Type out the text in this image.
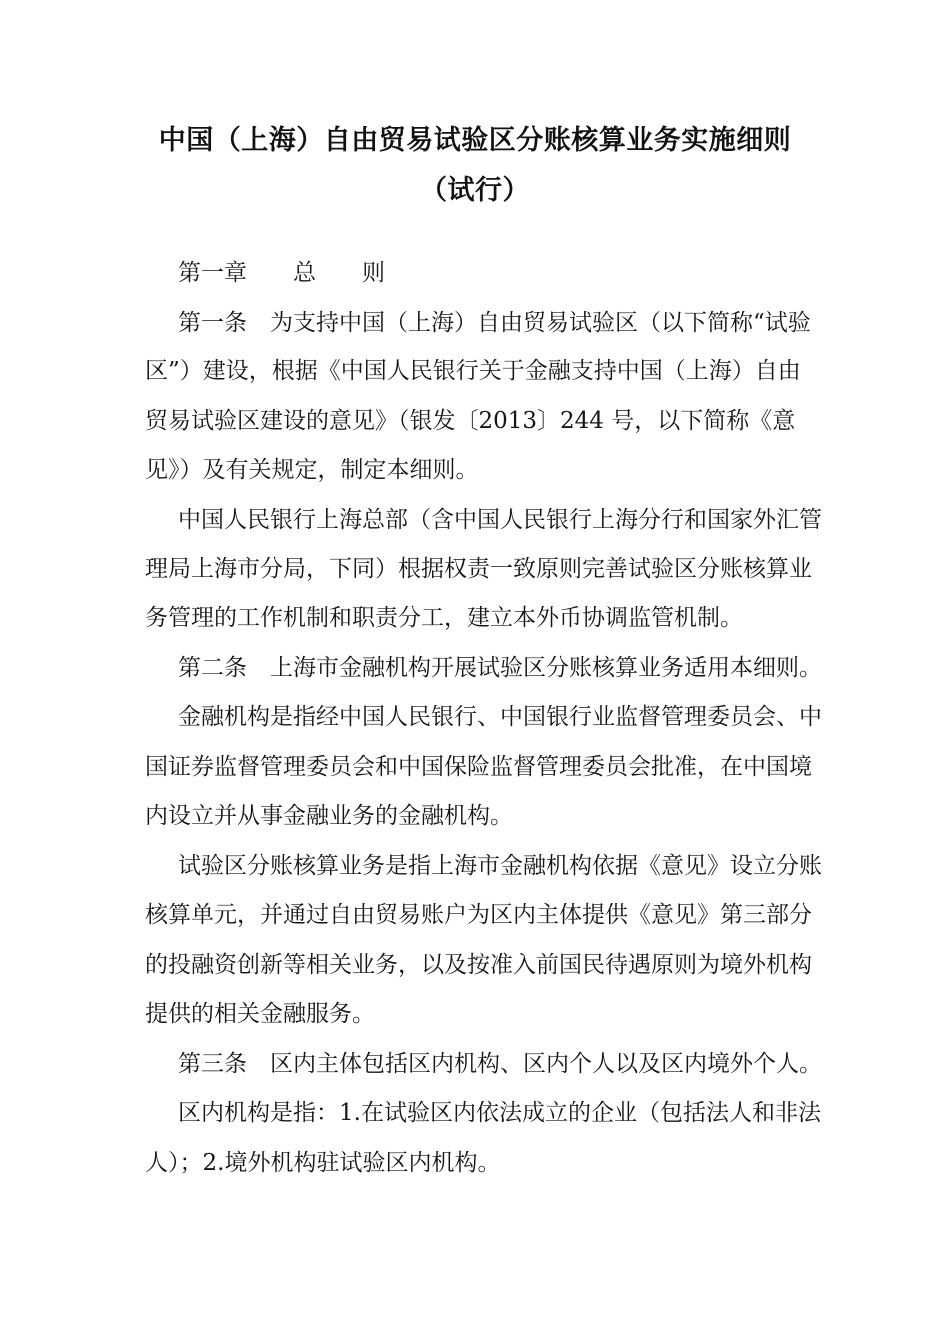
中国（上海）自由贸易试验区分账核算业务实施细则
（试行）
第一章 总 则
第一条　为支持中国（上海）自由贸易试验区（以下简称“试验
区”）建设，根据《中国人民银行关于金融支持中国（上海）自由
贸易试验区建设的意见》（银发〔2013〕244 号，以下简称《意
见》）及有关规定，制定本细则。
中国人民银行上海总部（含中国人民银行上海分行和国家外汇管
理局上海市分局，下同）根据权责一致原则完善试验区分账核算业
务管理的工作机制和职责分工，建立本外币协调监管机制。
第二条　上海市金融机构开展试验区分账核算业务适用本细则。
金融机构是指经中国人民银行、中国银行业监督管理委员会、中
国证券监督管理委员会和中国保险监督管理委员会批准，在中国境
内设立并从事金融业务的金融机构。
试验区分账核算业务是指上海市金融机构依据《意见》设立分账
核算单元，并通过自由贸易账户为区内主体提供《意见》第三部分
的投融资创新等相关业务，以及按准入前国民待遇原则为境外机构
提供的相关金融服务。
第三条　区内主体包括区内机构、区内个人以及区内境外个人。
区内机构是指：1.在试验区内依法成立的企业（包括法人和非法
人）；2.境外机构驻试验区内机构。
